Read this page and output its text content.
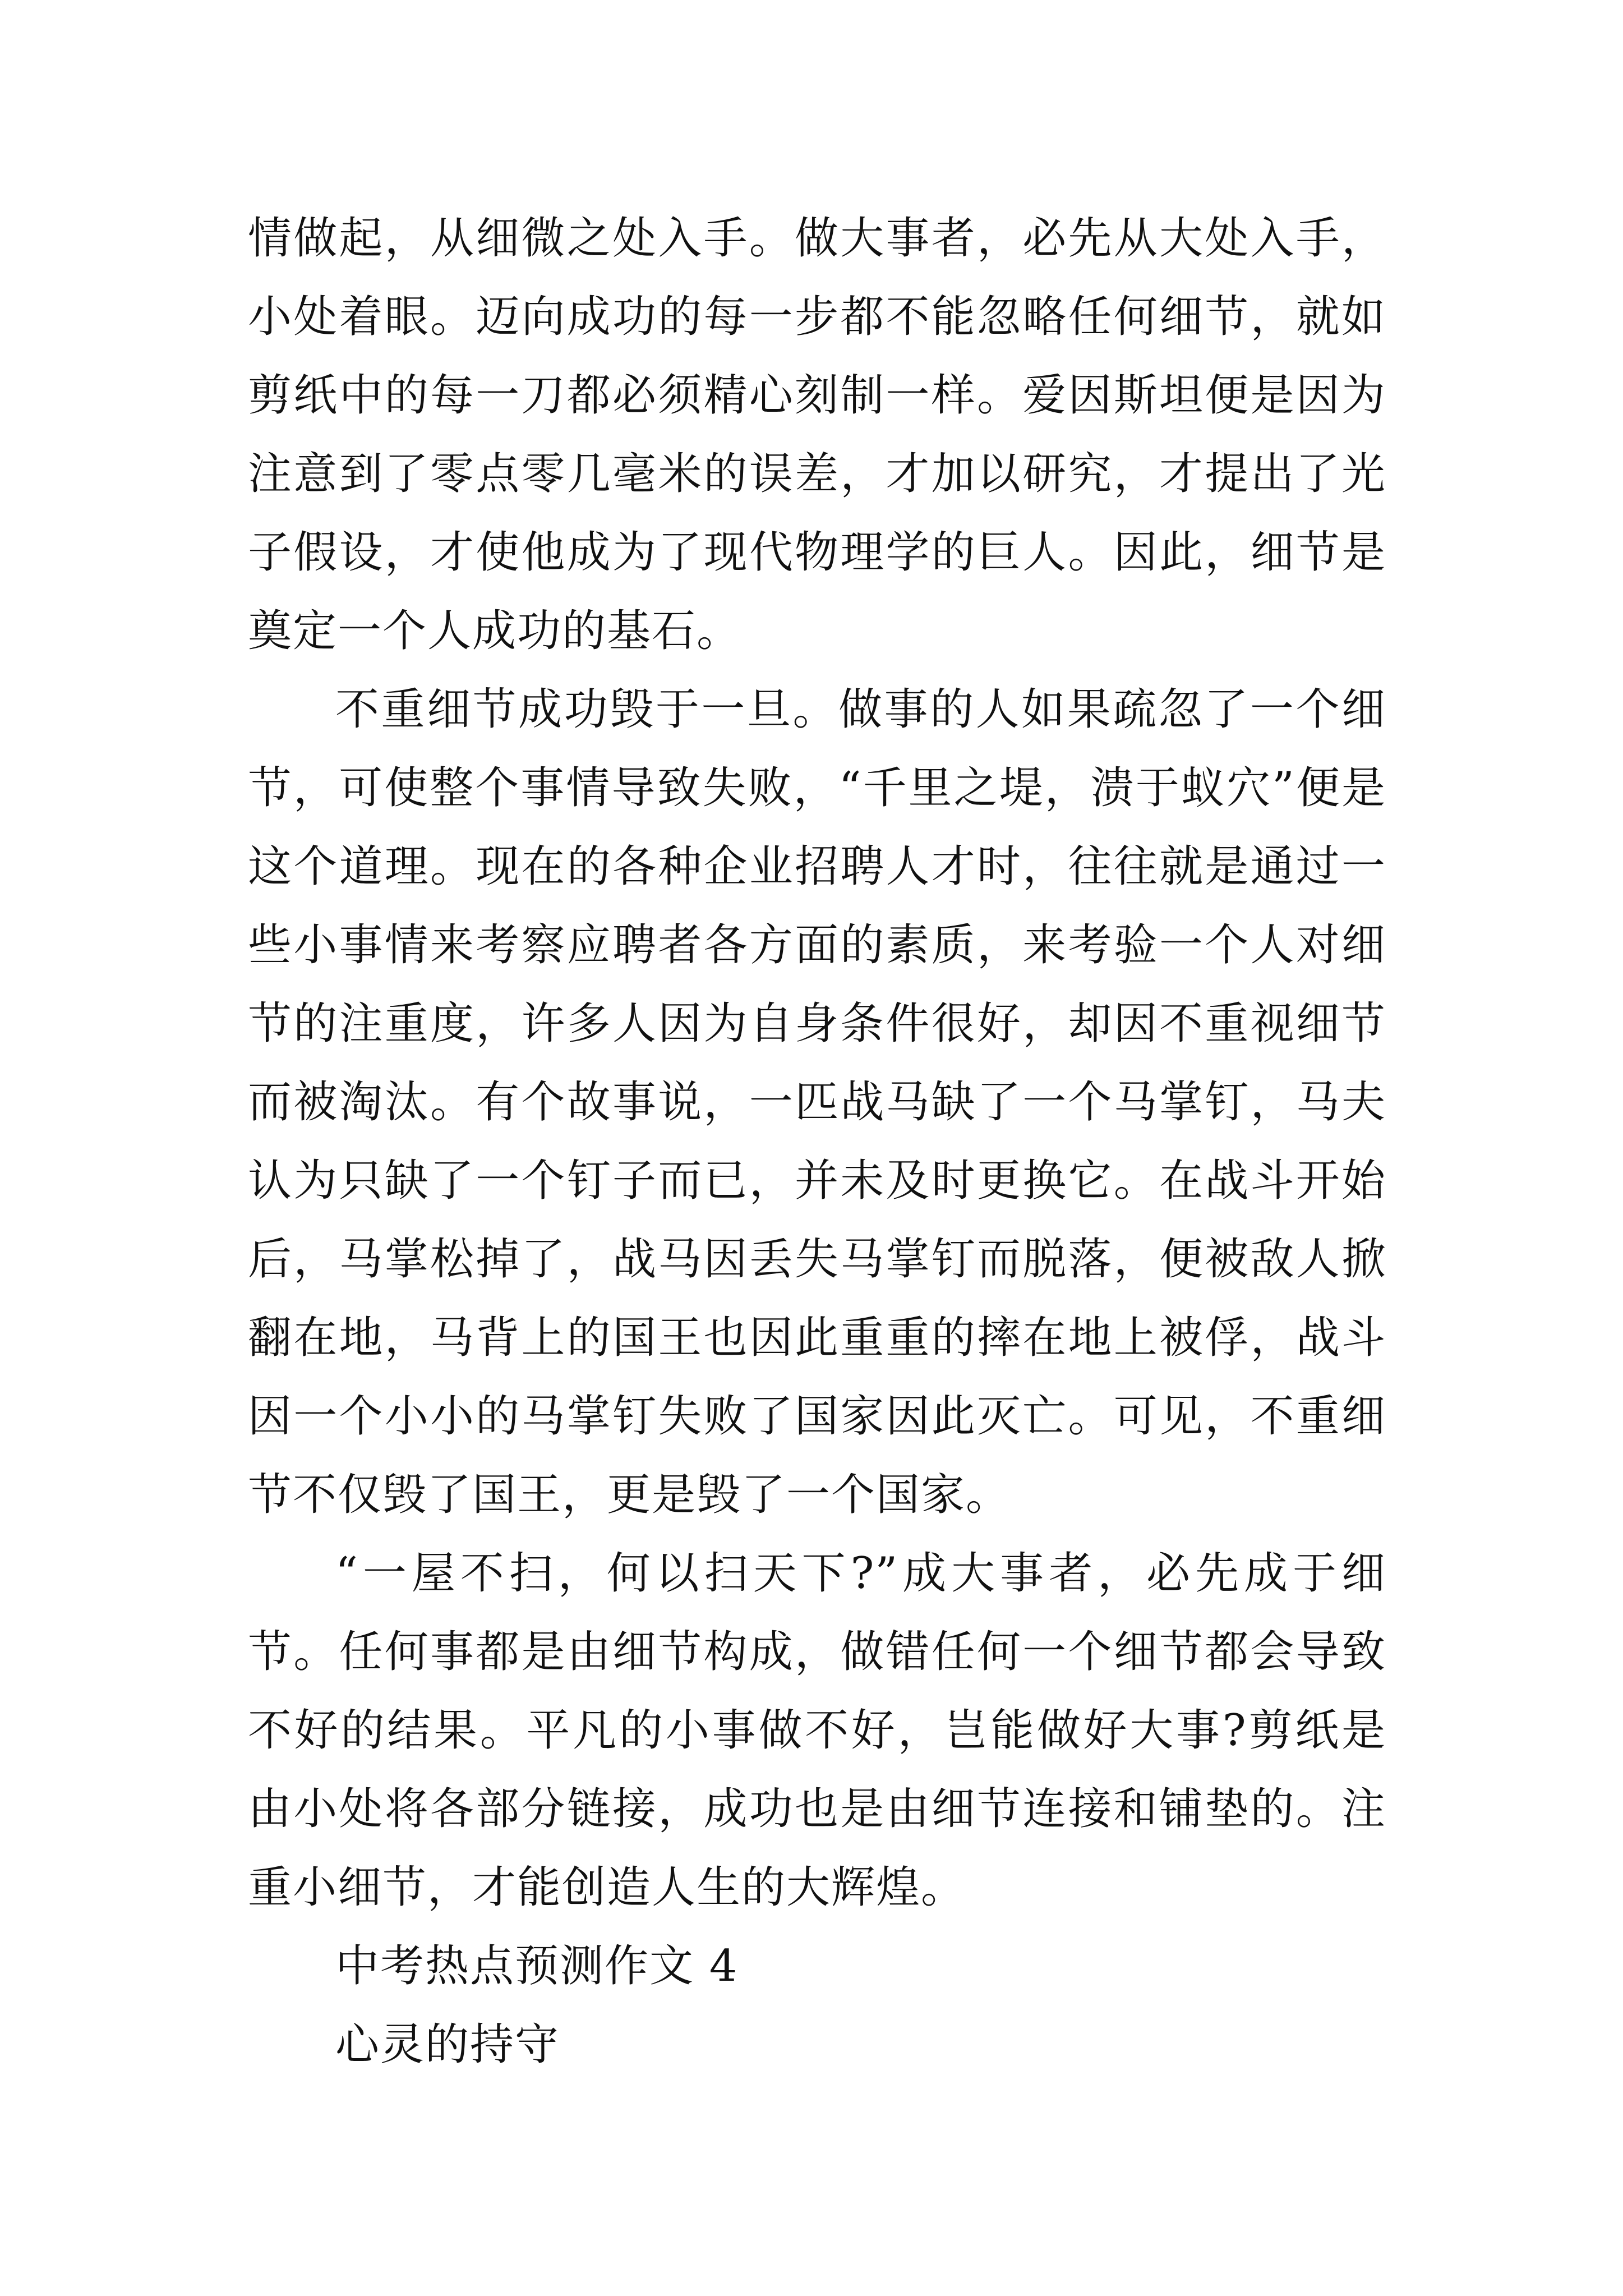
情做起，从细微之处入手。做大事者，必先从大处入手，小处着眼。迈向成功的每一步都不能忽略任何细节，就如剪纸中的每一刀都必须精心刻制一样。爱因斯坦便是因为注意到了零点零几毫米的误差，才加以研究，才提出了光子假设，才使他成为了现代物理学的巨人。因此，细节是奠定一个人成功的基石。

不重细节成功毁于一旦。做事的人如果疏忽了一个细节，可使整个事情导致失败，“千里之堤，溃于蚁穴”便是这个道理。现在的各种企业招聘人才时，往往就是通过一些小事情来考察应聘者各方面的素质，来考验一个人对细节的注重度，许多人因为自身条件很好，却因不重视细节而被淘汰。有个故事说，一匹战马缺了一个马掌钉，马夫认为只缺了一个钉子而已，并未及时更换它。在战斗开始后，马掌松掉了，战马因丢失马掌钉而脱落，便被敌人掀翻在地，马背上的国王也因此重重的摔在地上被俘，战斗因一个小小的马掌钉失败了国家因此灭亡。可见，不重细节不仅毁了国王，更是毁了一个国家。

“一屋不扫，何以扫天下?”成大事者，必先成于细节。任何事都是由细节构成，做错任何一个细节都会导致不好的结果。平凡的小事做不好，岂能做好大事?剪纸是由小处将各部分链接，成功也是由细节连接和铺垫的。注重小细节，才能创造人生的大辉煌。

中考热点预测作文 4

心灵的持守
